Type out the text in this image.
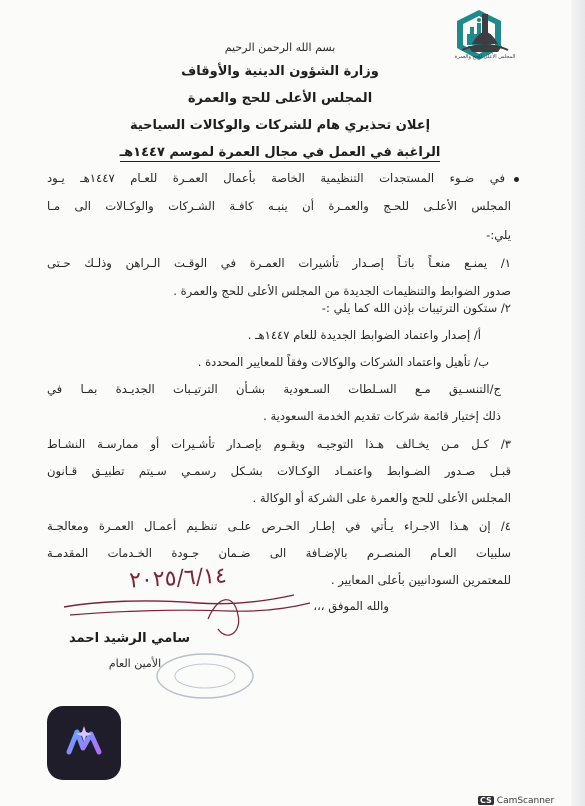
المجلس الأعلى للحج والعمرة
بسم الله الرحمن الرحيم
وزارة الشؤون الدينية والأوقاف
المجلس الأعلى للحج والعمرة
إعلان تحذيري هام للشركات والوكالات السياحية
الراغبة في العمل في مجال العمرة لموسم ١٤٤٧هـ
في ضـوء المستجدات التنظيمية الخاصة بأعمال العمـرة للعـام ١٤٤٧هـ يـود
المجلس الأعلـى للحـج والعمـرة أن ينبـه كافـة الشـركات والوكـالات الى مـا
يلي:-
١/ يمنـع منعـاً باتـاً إصـدار تأشيرات العمـرة في الوقـت الـراهن وذلـك حـتى
صدور الضوابط والتنظيمات الجديدة من المجلس الأعلى للحج والعمرة .
٢/ ستكون الترتيبات بإذن الله كما يلي :-
أ/ إصدار واعتماد الضوابط الجديدة للعام ١٤٤٧هـ .
ب/ تأهيل واعتماد الشركات والوكالات وفقاً للمعايير المحددة .
ج/التنسـيق مـع السـلطات السـعودية بشـأن الترتيـبات الجديـدة بمـا في
ذلك إختيار قائمة شركات تقديم الخدمة السعودية .
٣/ كـل مـن يخـالف هـذا التوجيـه ويقـوم بإصـدار تأشـيرات أو ممارسـة النشـاط
قبـل صـدور الضـوابط واعتمـاد الوكـالات بشـكل رسمـي سـيتم تطبيـق قـانون
المجلس الأعلى للحج والعمرة على الشركة أو الوكالة .
٤/ إن هـذا الاجـراء يـأتي في إطـار الحـرص علـى تنظـيم أعمـال العمـرة ومعالجـة
سلبيات العـام المنصـرم بالإضـافة الى ضـمان جـودة الخـدمات المقدمـة
للمعتمرين السودانيين بأعلى المعايير .
والله الموفق ،،،
٢٠٢٥/٦/١٤
سامي الرشيد احمد
الأمين العام
CS CamScanner
